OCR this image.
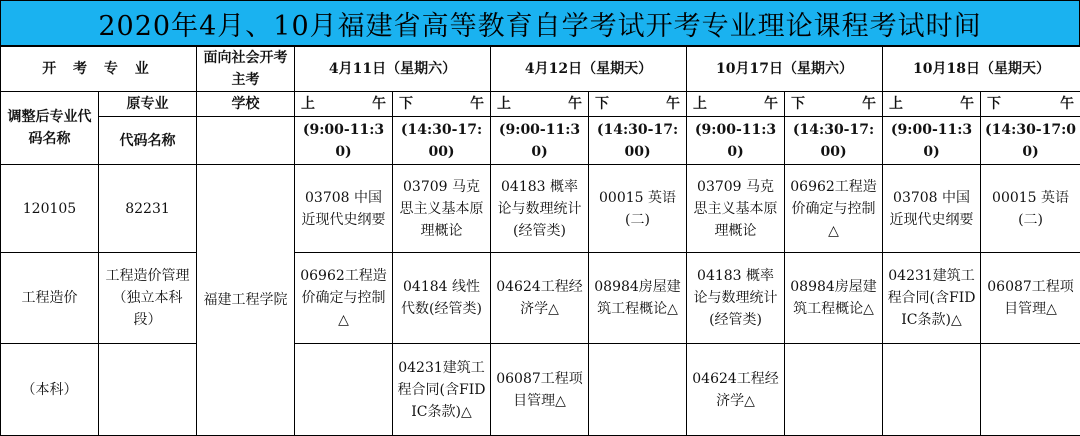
2020年4月、10月福建省高等教育自学考试开考专业理论课程考试时间
开 考 专 业		面向社会开考主考	4月11日（星期六）		4月12日（星期天）		10月17日（星期六）		10月18日（星期天）	
调整后专业代码名称	原专业	学校	上 午	下 午	上 午	下 午	上 午	下 午	上 午	下 午

	代码名称		(9:00-11:30)	(14:30-17:00)	(9:00-11:30)	(14:30-17:00)	(9:00-11:30)	(14:30-17:00)	(9:00-11:30)	(14:30-17:00)
120105	82231	福建工程学院	03708 中国近现代史纲要	03709 马克思主义基本原理概论	04183 概率论与数理统计(经管类)	00015 英语(二)	03709 马克思主义基本原理概论	06962工程造价确定与控制△	03708 中国近现代史纲要	00015 英语(二)
工程造价	工程造价管理（独立本科段）		06962工程造价确定与控制△	04184 线性代数(经管类)	04624工程经济学△	08984房屋建筑工程概论△	04183 概率论与数理统计(经管类)	08984房屋建筑工程概论△	04231建筑工程合同(含FIDIC条款)△	06087工程项目管理△
（本科）				04231建筑工程合同(含FIDIC条款)△	06087工程项目管理△		04624工程经济学△			
